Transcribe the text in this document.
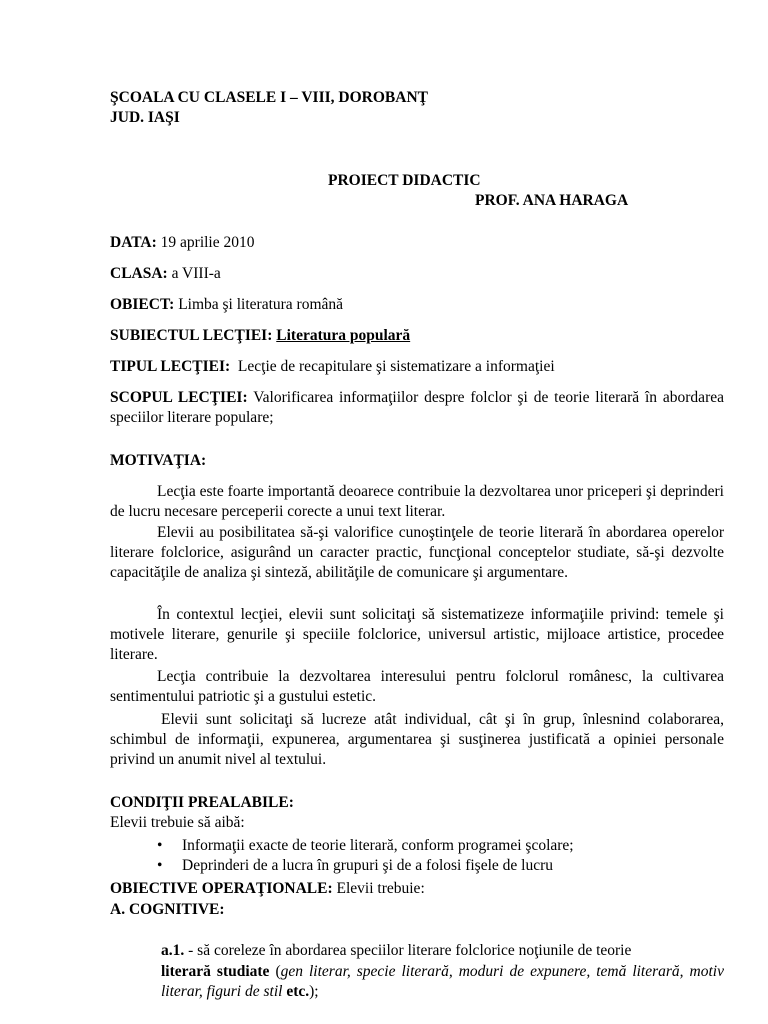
ŞCOALA CU CLASELE I – VIII, DOROBANŢ
JUD. IAŞI
PROIECT DIDACTIC
PROF. ANA HARAGA
DATA: 19 aprilie 2010
CLASA: a VIII-a
OBIECT: Limba şi literatura română
SUBIECTUL LECŢIEI: Literatura populară
TIPUL LECŢIEI: Lecţie de recapitulare şi sistematizare a informaţiei
SCOPUL LECŢIEI: Valorificarea informaţiilor despre folclor şi de teorie literară în abordarea speciilor literare populare;
MOTIVAŢIA:

Lecţia este foarte importantă deoarece contribuie la dezvoltarea unor priceperi şi deprinderi de lucru necesare perceperii corecte a unui text literar.

Elevii au posibilitatea să-şi valorifice cunoştinţele de teorie literară în abordarea operelor literare folclorice, asigurând un caracter practic, funcţional conceptelor studiate, să-şi dezvolte capacităţile de analiza şi sinteză, abilităţile de comunicare şi argumentare.

În contextul lecţiei, elevii sunt solicitaţi să sistematizeze informaţiile privind: temele şi motivele literare, genurile şi speciile folclorice, universul artistic, mijloace artistice, procedee literare.

Lecţia contribuie la dezvoltarea interesului pentru folclorul românesc, la cultivarea sentimentului patriotic şi a gustului estetic.

Elevii sunt solicitaţi să lucreze atât individual, cât şi în grup, înlesnind colaborarea, schimbul de informaţii, expunerea, argumentarea şi susţinerea justificată a opiniei personale privind un anumit nivel al textului.

CONDIŢII PREALABILE:
Elevii trebuie să aibă:
• Informaţii exacte de teorie literară, conform programei şcolare;
• Deprinderi de a lucra în grupuri şi de a folosi fişele de lucru
OBIECTIVE OPERAŢIONALE: Elevii trebuie:
A. COGNITIVE:
a.1. - să coreleze în abordarea speciilor literare folclorice noţiunile de teorie
literară studiate (gen literar, specie literară, moduri de expunere, temă literară, motiv literar, figuri de stil etc.);
